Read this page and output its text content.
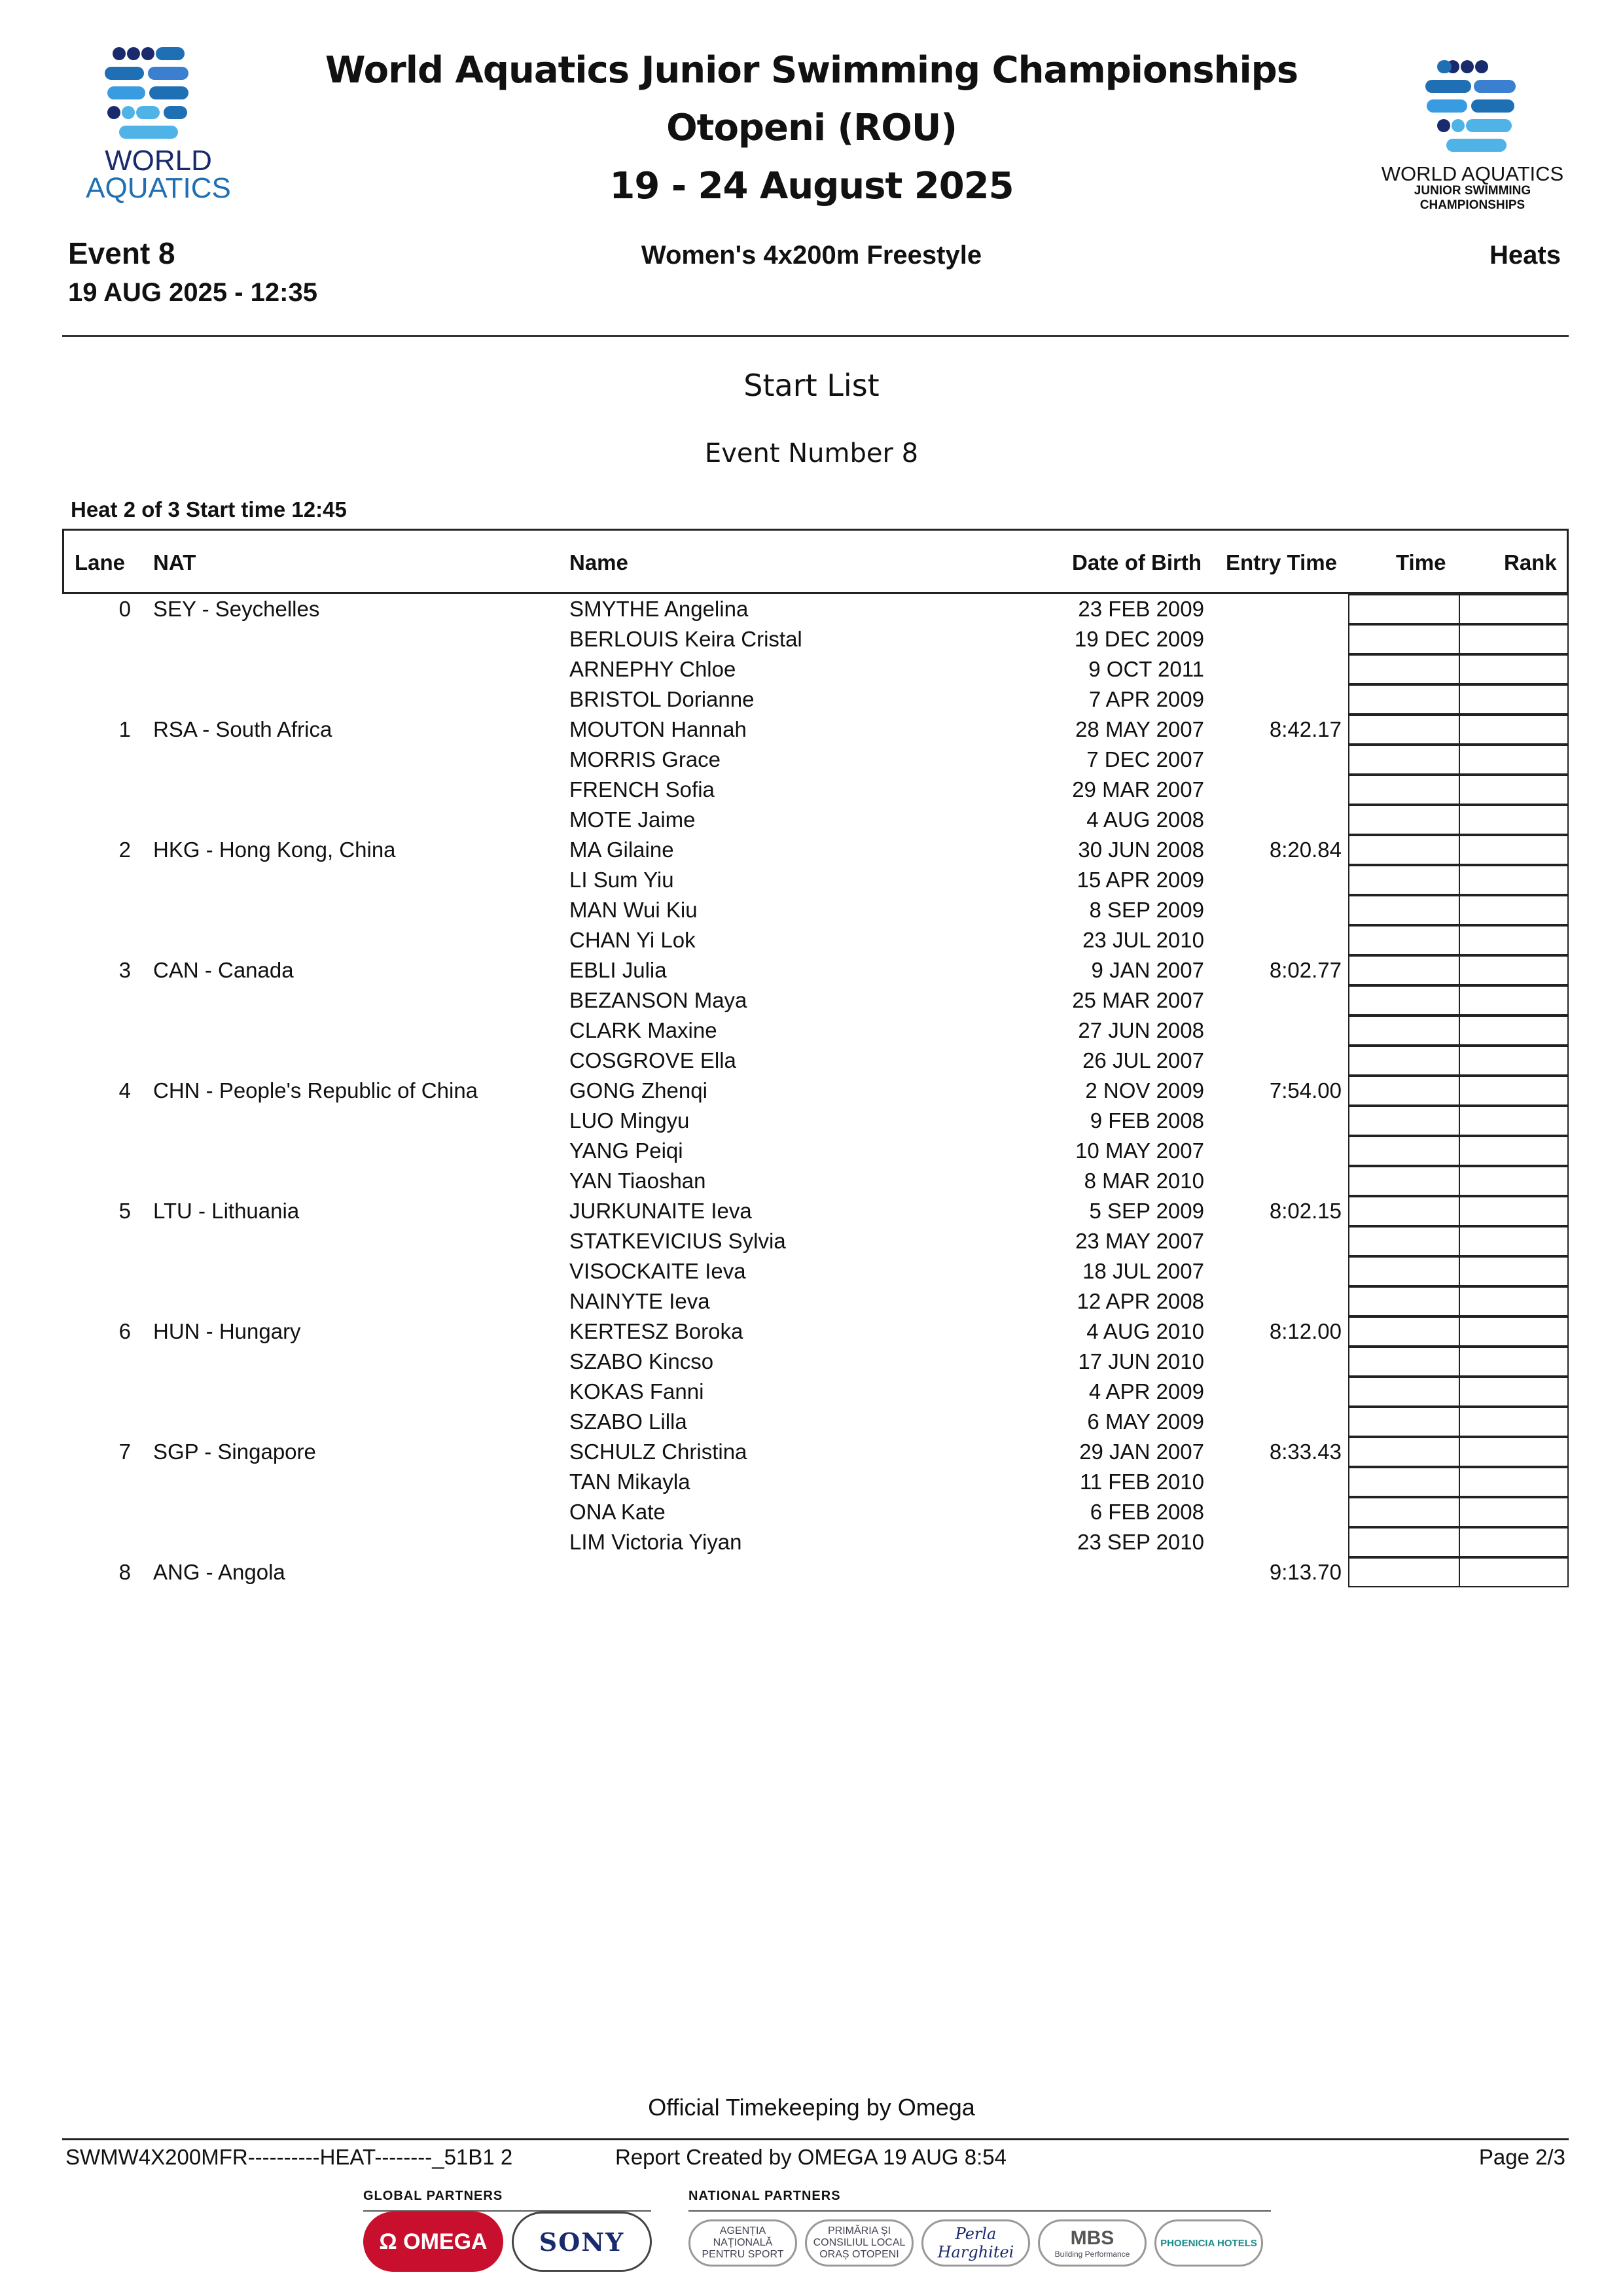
WORLD
AQUATICS
World Aquatics Junior Swimming Championships
Otopeni (ROU)
19 - 24 August 2025	WORLD AQUATICS
JUNIOR SWIMMING
CHAMPIONSHIPS
Event 8
19 AUG 2025 - 12:35
Women's 4x200m Freestyle	Heats
Start List
Event Number 8
Heat 2 of 3 Start time 12:45
Lane NAT	Name	Date of Birth Entry Time	Time	Rank
0 SEY - Seychelles	SMYTHE Angelina	23 FEB 2009
BERLOUIS Keira Cristal	19 DEC 2009
ARNEPHY Chloe	9 OCT 2011
BRISTOL Dorianne	7 APR 2009
1 RSA - South Africa	MOUTON Hannah	28 MAY 2007	8:42.17
MORRIS Grace	7 DEC 2007
FRENCH Sofia	29 MAR 2007
MOTE Jaime	4 AUG 2008
2 HKG - Hong Kong, China	MA Gilaine	30 JUN 2008	8:20.84
LI Sum Yiu	15 APR 2009
MAN Wui Kiu	8 SEP 2009
CHAN Yi Lok	23 JUL 2010
3 CAN - Canada	EBLI Julia	9 JAN 2007	8:02.77
BEZANSON Maya	25 MAR 2007
CLARK Maxine	27 JUN 2008
COSGROVE Ella	26 JUL 2007
4 CHN - People's Republic of China	GONG Zhenqi	2 NOV 2009	7:54.00
LUO Mingyu	9 FEB 2008
YANG Peiqi	10 MAY 2007
YAN Tiaoshan	8 MAR 2010
5 LTU - Lithuania	JURKUNAITE Ieva	5 SEP 2009	8:02.15
STATKEVICIUS Sylvia	23 MAY 2007
VISOCKAITE Ieva	18 JUL 2007
NAINYTE Ieva	12 APR 2008
6 HUN - Hungary	KERTESZ Boroka	4 AUG 2010	8:12.00
SZABO Kincso	17 JUN 2010
KOKAS Fanni	4 APR 2009
SZABO Lilla	6 MAY 2009
7 SGP - Singapore	SCHULZ Christina	29 JAN 2007	8:33.43
TAN Mikayla	11 FEB 2010
ONA Kate	6 FEB 2008
LIM Victoria Yiyan	23 SEP 2010
8 ANG - Angola	9:13.70
Official Timekeeping by Omega
SWMW4X200MFR----------HEAT--------_51B1 2	Report Created by OMEGA 19 AUG 8:54	Page 2/3
GLOBAL PARTNERS	NATIONAL PARTNERS
Ω OMEGA	SONY	AGENȚIA NAȚIONALĂ PENTRU SPORT
PRIMĂRIA ȘI CONSILIUL LOCAL ORAȘ OTOPENI
Perla Harghitei
MBS
Building Performance
PHOENICIA HOTELS
